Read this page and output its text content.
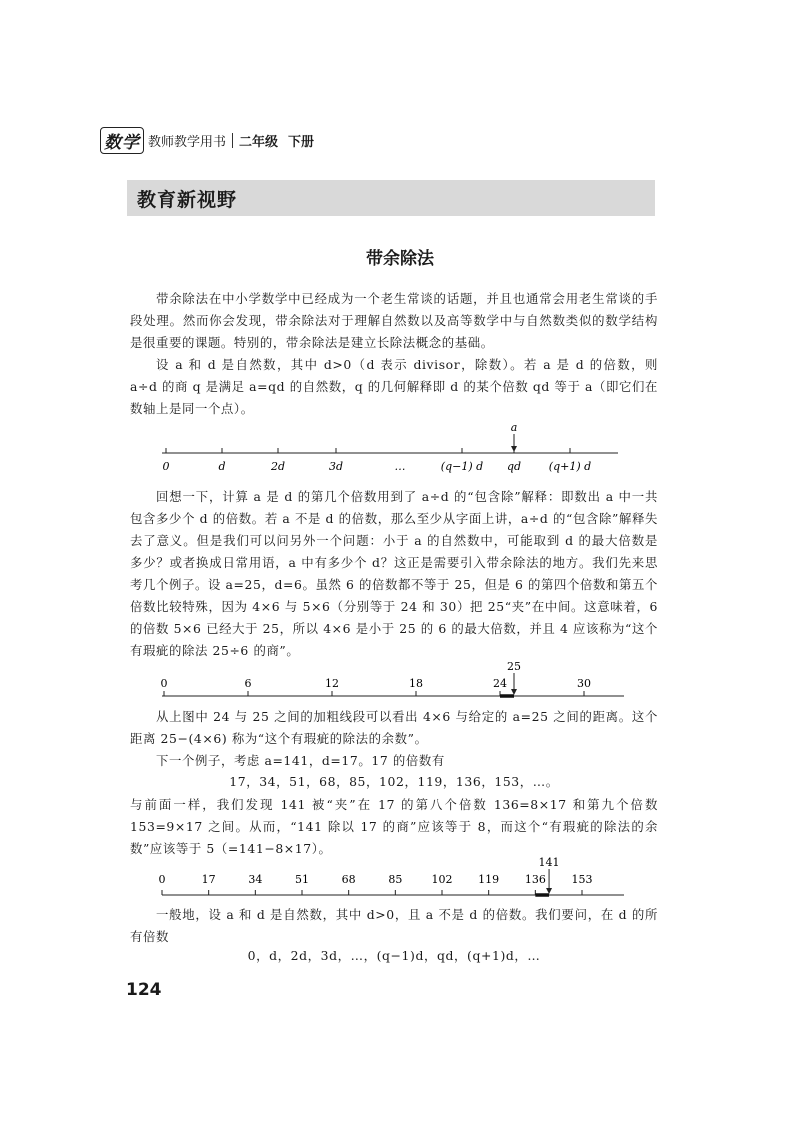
数学 教师教学用书 二年级 下册
教育新视野
带余除法
带余除法在中小学数学中已经成为一个老生常谈的话题，并且也通常会用老生常谈的手段处理。然而你会发现，带余除法对于理解自然数以及高等数学中与自然数类似的数学结构是很重要的课题。特别的，带余除法是建立长除法概念的基础。
设 a 和 d 是自然数，其中 d>0（d 表示 divisor，除数）。若 a 是 d 的倍数，则 a÷d 的商 q 是满足 a=qd 的自然数，q 的几何解释即 d 的某个倍数 qd 等于 a（即它们在数轴上是同一个点）。
0	d	2d	3d	…	(q−1) d qd	(q+1) d
a
回想一下，计算 a 是 d 的第几个倍数用到了 a÷d 的“包含除”解释：即数出 a 中一共包含多少个 d 的倍数。若 a 不是 d 的倍数，那么至少从字面上讲，a÷d 的“包含除”解释失去了意义。但是我们可以问另外一个问题：小于 a 的自然数中，可能取到 d 的最大倍数是多少？或者换成日常用语，a 中有多少个 d？这正是需要引入带余除法的地方。我们先来思考几个例子。设 a=25，d=6。虽然 6 的倍数都不等于 25，但是 6 的第四个倍数和第五个倍数比较特殊，因为 4×6 与 5×6（分别等于 24 和 30）把 25“夹”在中间。这意味着，6 的倍数 5×6 已经大于 25，所以 4×6 是小于 25 的 6 的最大倍数，并且 4 应该称为“这个有瑕疵的除法 25÷6 的商”。
0	6	12	18	24	30
25
从上图中 24 与 25 之间的加粗线段可以看出 4×6 与给定的 a=25 之间的距离。这个距离 25−(4×6) 称为“这个有瑕疵的除法的余数”。
下一个例子，考虑 a=141，d=17。17 的倍数有
17，34，51，68，85，102，119，136，153，…。
与前面一样，我们发现 141 被“夹”在 17 的第八个倍数 136=8×17 和第九个倍数 153=9×17 之间。从而，“141 除以 17 的商”应该等于 8，而这个“有瑕疵的除法的余数”应该等于 5（=141−8×17）。
0	17	34	51	68	85	102 119 136 153
141
一般地，设 a 和 d 是自然数，其中 d>0，且 a 不是 d 的倍数。我们要问，在 d 的所有倍数
0，d，2d，3d，…，(q−1)d，qd，(q+1)d，…
124
